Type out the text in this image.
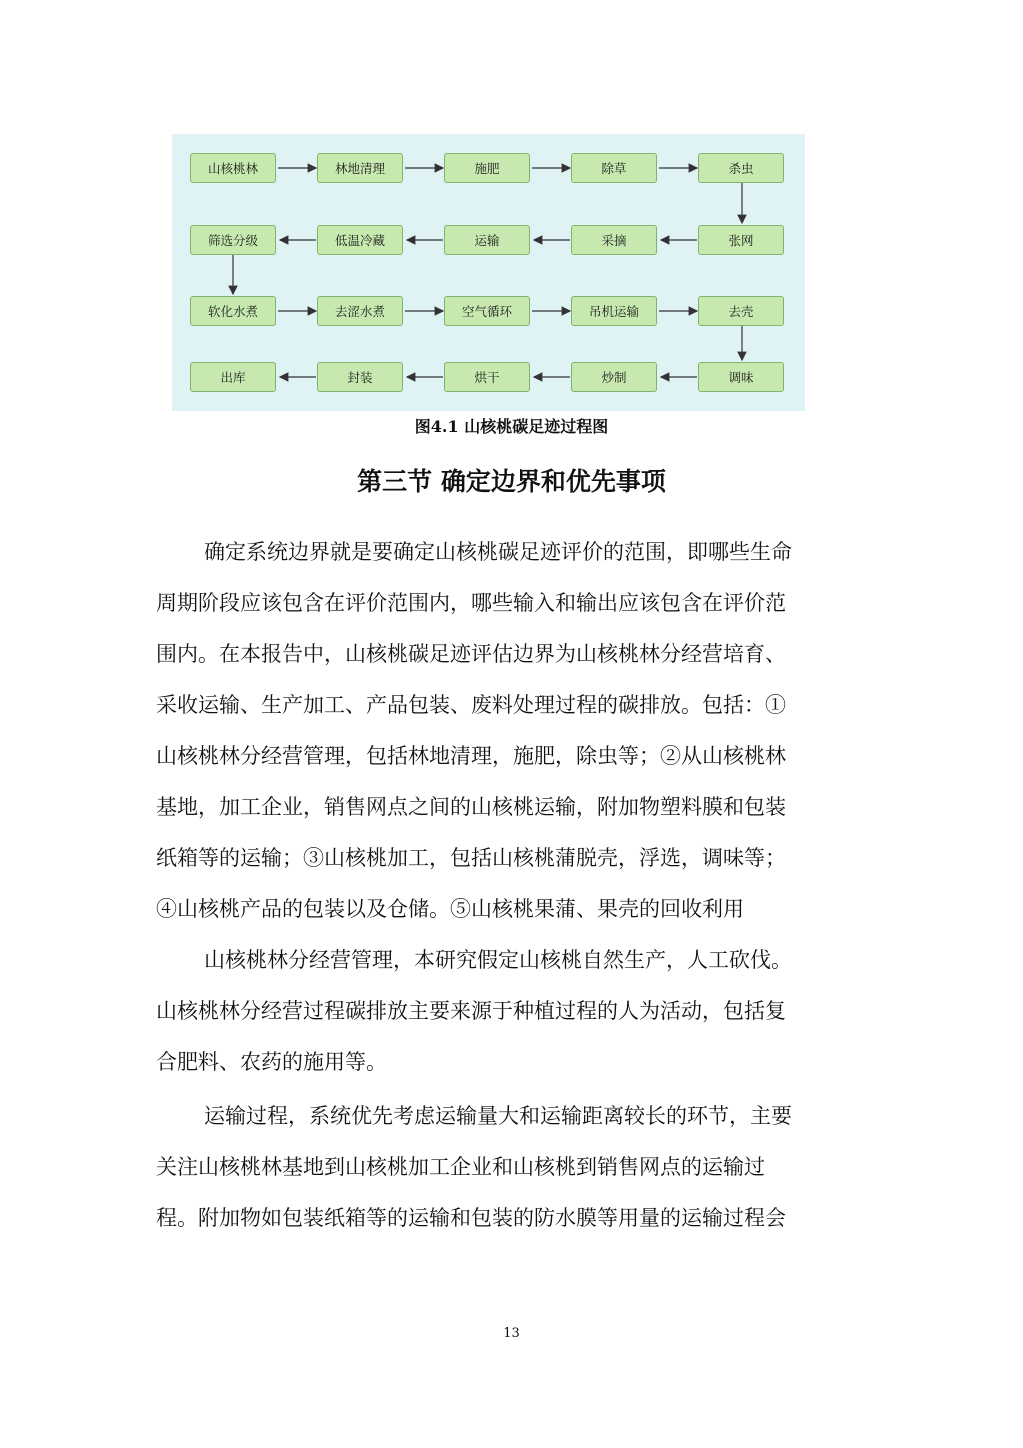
山核桃林	林地清理	施肥	除草	杀虫
张网
采摘
运输
低温冷藏
筛选分级
软化水煮	去涩水煮	空气循环	吊机运输	去壳
调味
炒制
烘干
封装
出库
图4.1 山核桃碳足迹过程图
第三节 确定边界和优先事项

确定系统边界就是要确定山核桃碳足迹评价的范围，即哪些生命
周期阶段应该包含在评价范围内，哪些输入和输出应该包含在评价范
围内。在本报告中，山核桃碳足迹评估边界为山核桃林分经营培育、
采收运输、生产加工、产品包装、废料处理过程的碳排放。包括：①
山核桃林分经营管理，包括林地清理，施肥，除虫等；②从山核桃林
基地，加工企业，销售网点之间的山核桃运输，附加物塑料膜和包装
纸箱等的运输；③山核桃加工，包括山核桃蒲脱壳，浮选，调味等；
④山核桃产品的包装以及仓储。⑤山核桃果蒲、果壳的回收利用

山核桃林分经营管理，本研究假定山核桃自然生产，人工砍伐。
山核桃林分经营过程碳排放主要来源于种植过程的人为活动，包括复
合肥料、农药的施用等。

运输过程，系统优先考虑运输量大和运输距离较长的环节，主要
关注山核桃林基地到山核桃加工企业和山核桃到销售网点的运输过
程。附加物如包装纸箱等的运输和包装的防水膜等用量的运输过程会

13
